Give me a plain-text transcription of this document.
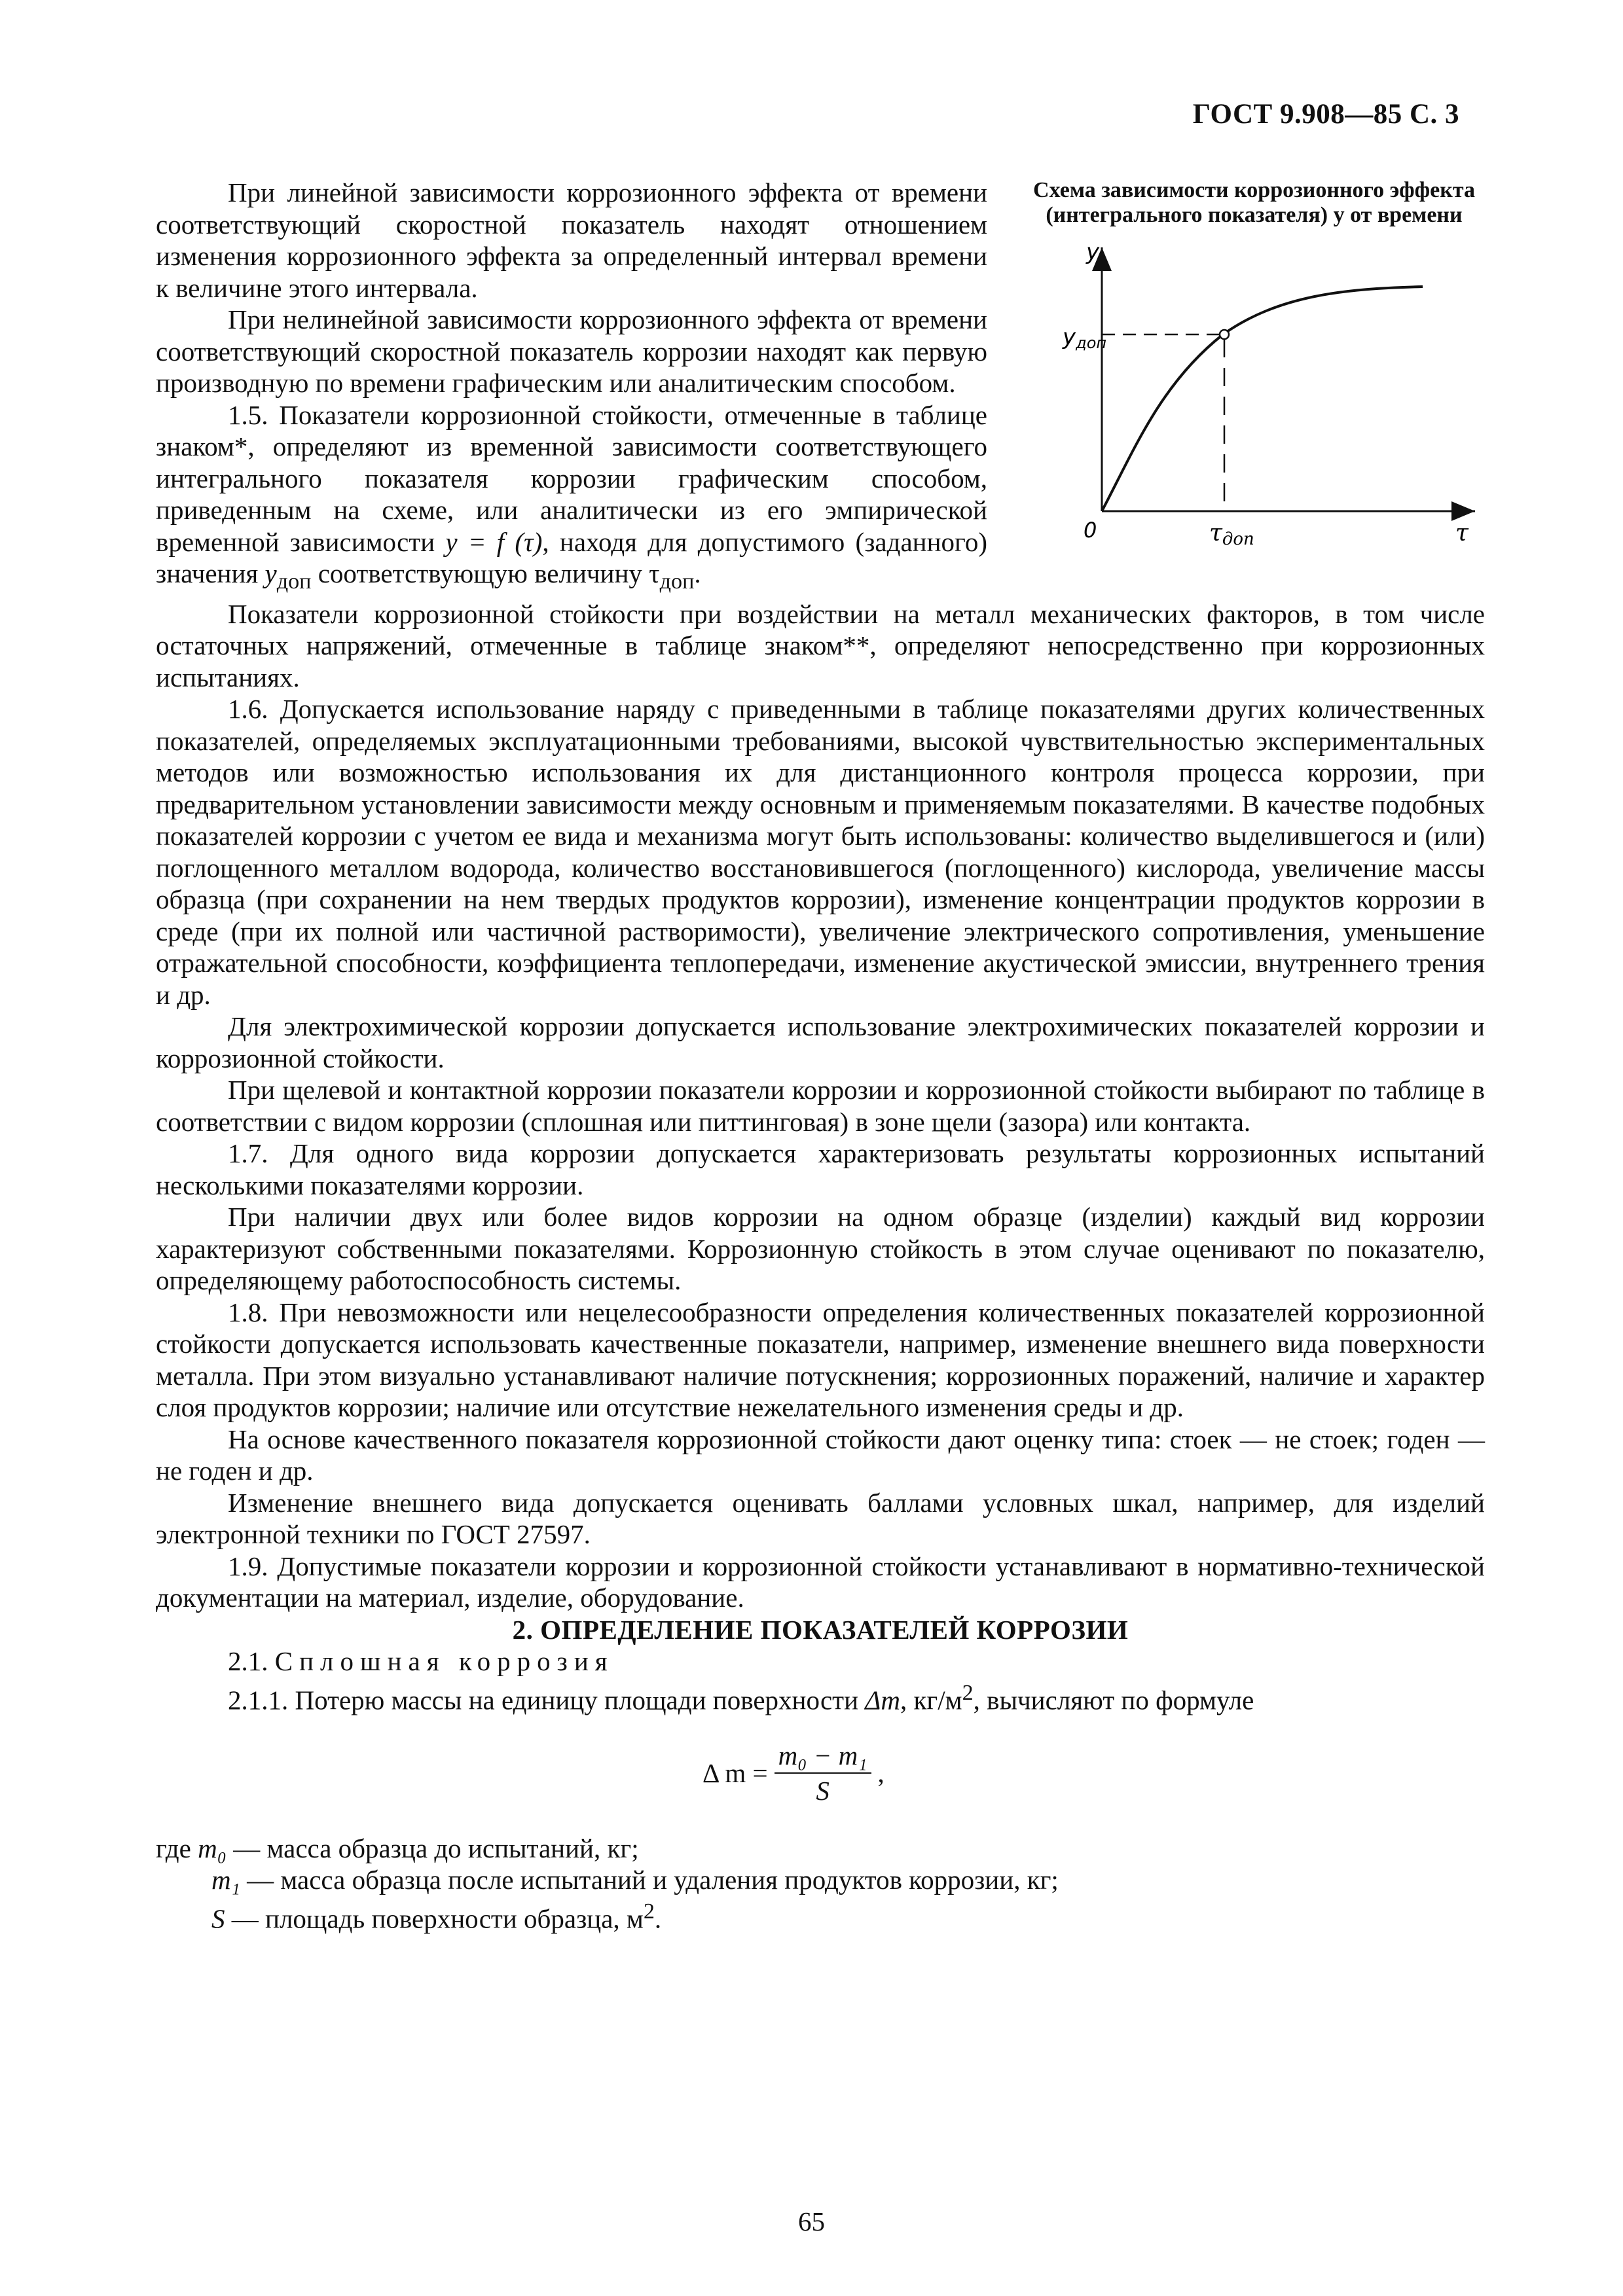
ГОСТ 9.908—85 С. 3
Схема зависимости коррозионного эффекта (интегрального показателя) y от времени
y
yдоп
0	τдоп	τ

При линейной зависимости коррозионного эффекта от времени соответствующий скоростной показатель находят отношением изменения коррозионного эффекта за определенный интервал времени к величине этого интервала.

При нелинейной зависимости коррозионного эффекта от времени соответствующий скоростной показатель коррозии находят как первую производную по времени графическим или аналитическим способом.

1.5. Показатели коррозионной стойкости, отмеченные в таблице знаком*, определяют из временной зависимости соответствующего интегрального показателя коррозии графическим способом, приведенным на схеме, или аналитически из его эмпирической временной зависимости y = f (τ), находя для допустимого (заданного) значения $y_{доп}$ соответствующую величину $\tau_{доп}$.

Показатели коррозионной стойкости при воздействии на металл механических факторов, в том числе остаточных напряжений, отмеченные в таблице знаком**, определяют непосредственно при коррозионных испытаниях.

1.6. Допускается использование наряду с приведенными в таблице показателями других количественных показателей, определяемых эксплуатационными требованиями, высокой чувствительностью экспериментальных методов или возможностью использования их для дистанционного контроля процесса коррозии, при предварительном установлении зависимости между основным и применяемым показателями. В качестве подобных показателей коррозии с учетом ее вида и механизма могут быть использованы: количество выделившегося и (или) поглощенного металлом водорода, количество восстановившегося (поглощенного) кислорода, увеличение массы образца (при сохранении на нем твердых продуктов коррозии), изменение концентрации продуктов коррозии в среде (при их полной или частичной растворимости), увеличение электрического сопротивления, уменьшение отражательной способности, коэффициента теплопередачи, изменение акустической эмиссии, внутреннего трения и др.

Для электрохимической коррозии допускается использование электрохимических показателей коррозии и коррозионной стойкости.

При щелевой и контактной коррозии показатели коррозии и коррозионной стойкости выбирают по таблице в соответствии с видом коррозии (сплошная или питтинговая) в зоне щели (зазора) или контакта.

1.7. Для одного вида коррозии допускается характеризовать результаты коррозионных испытаний несколькими показателями коррозии.

При наличии двух или более видов коррозии на одном образце (изделии) каждый вид коррозии характеризуют собственными показателями. Коррозионную стойкость в этом случае оценивают по показателю, определяющему работоспособность системы.

1.8. При невозможности или нецелесообразности определения количественных показателей коррозионной стойкости допускается использовать качественные показатели, например, изменение внешнего вида поверхности металла. При этом визуально устанавливают наличие потускнения; коррозионных поражений, наличие и характер слоя продуктов коррозии; наличие или отсутствие нежелательного изменения среды и др.

На основе качественного показателя коррозионной стойкости дают оценку типа: стоек — не стоек; годен — не годен и др.

Изменение внешнего вида допускается оценивать баллами условных шкал, например, для изделий электронной техники по ГОСТ 27597.

1.9. Допустимые показатели коррозии и коррозионной стойкости устанавливают в нормативно-технической документации на материал, изделие, оборудование.

2. ОПРЕДЕЛЕНИЕ ПОКАЗАТЕЛЕЙ КОРРОЗИИ

2.1. Сплошная коррозия

2.1.1. Потерю массы на единицу площади поверхности Δm, $кг/м^2$, вычисляют по формуле

Δ $m = \frac{\text{m₀ − m₁}}{S}$ ,

где m₀ — масса образца до испытаний, кг;

m₁ — масса образца после испытаний и удаления продуктов коррозии, кг;

S — площадь поверхности образца, $м^2$.

65
